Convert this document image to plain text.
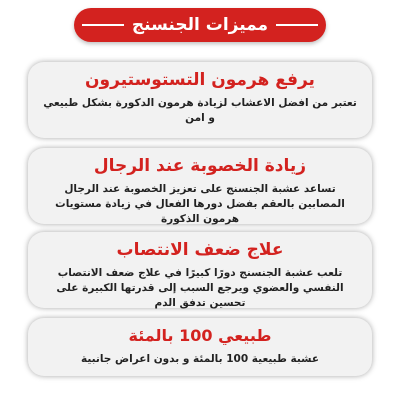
مميزات الجنسنج

يرفع هرمون التستوستيرون

تعتبر من افضل الاعشاب لزيادة هرمون الدكورة بشكل طبيعي و امن

زيادة الخصوبة عند الرجال

تساعد عشبة الجنسنج على تعزيز الخصوبة عند الرجال المصابين بالعقم بفضل دورها الفعال في زيادة مستويات هرمون الذكورة

علاج ضعف الانتصاب

تلعب عشبة الجنسنج دورًا كبيرًا في علاج ضعف الانتصاب النفسي والعضوي ويرجع السبب إلى قدرتها الكبيرة على تحسين تدفق الدم

طبيعي 100 بالمئة

عشبة طبيعية 100 بالمئة و بدون اعراض جانبية
